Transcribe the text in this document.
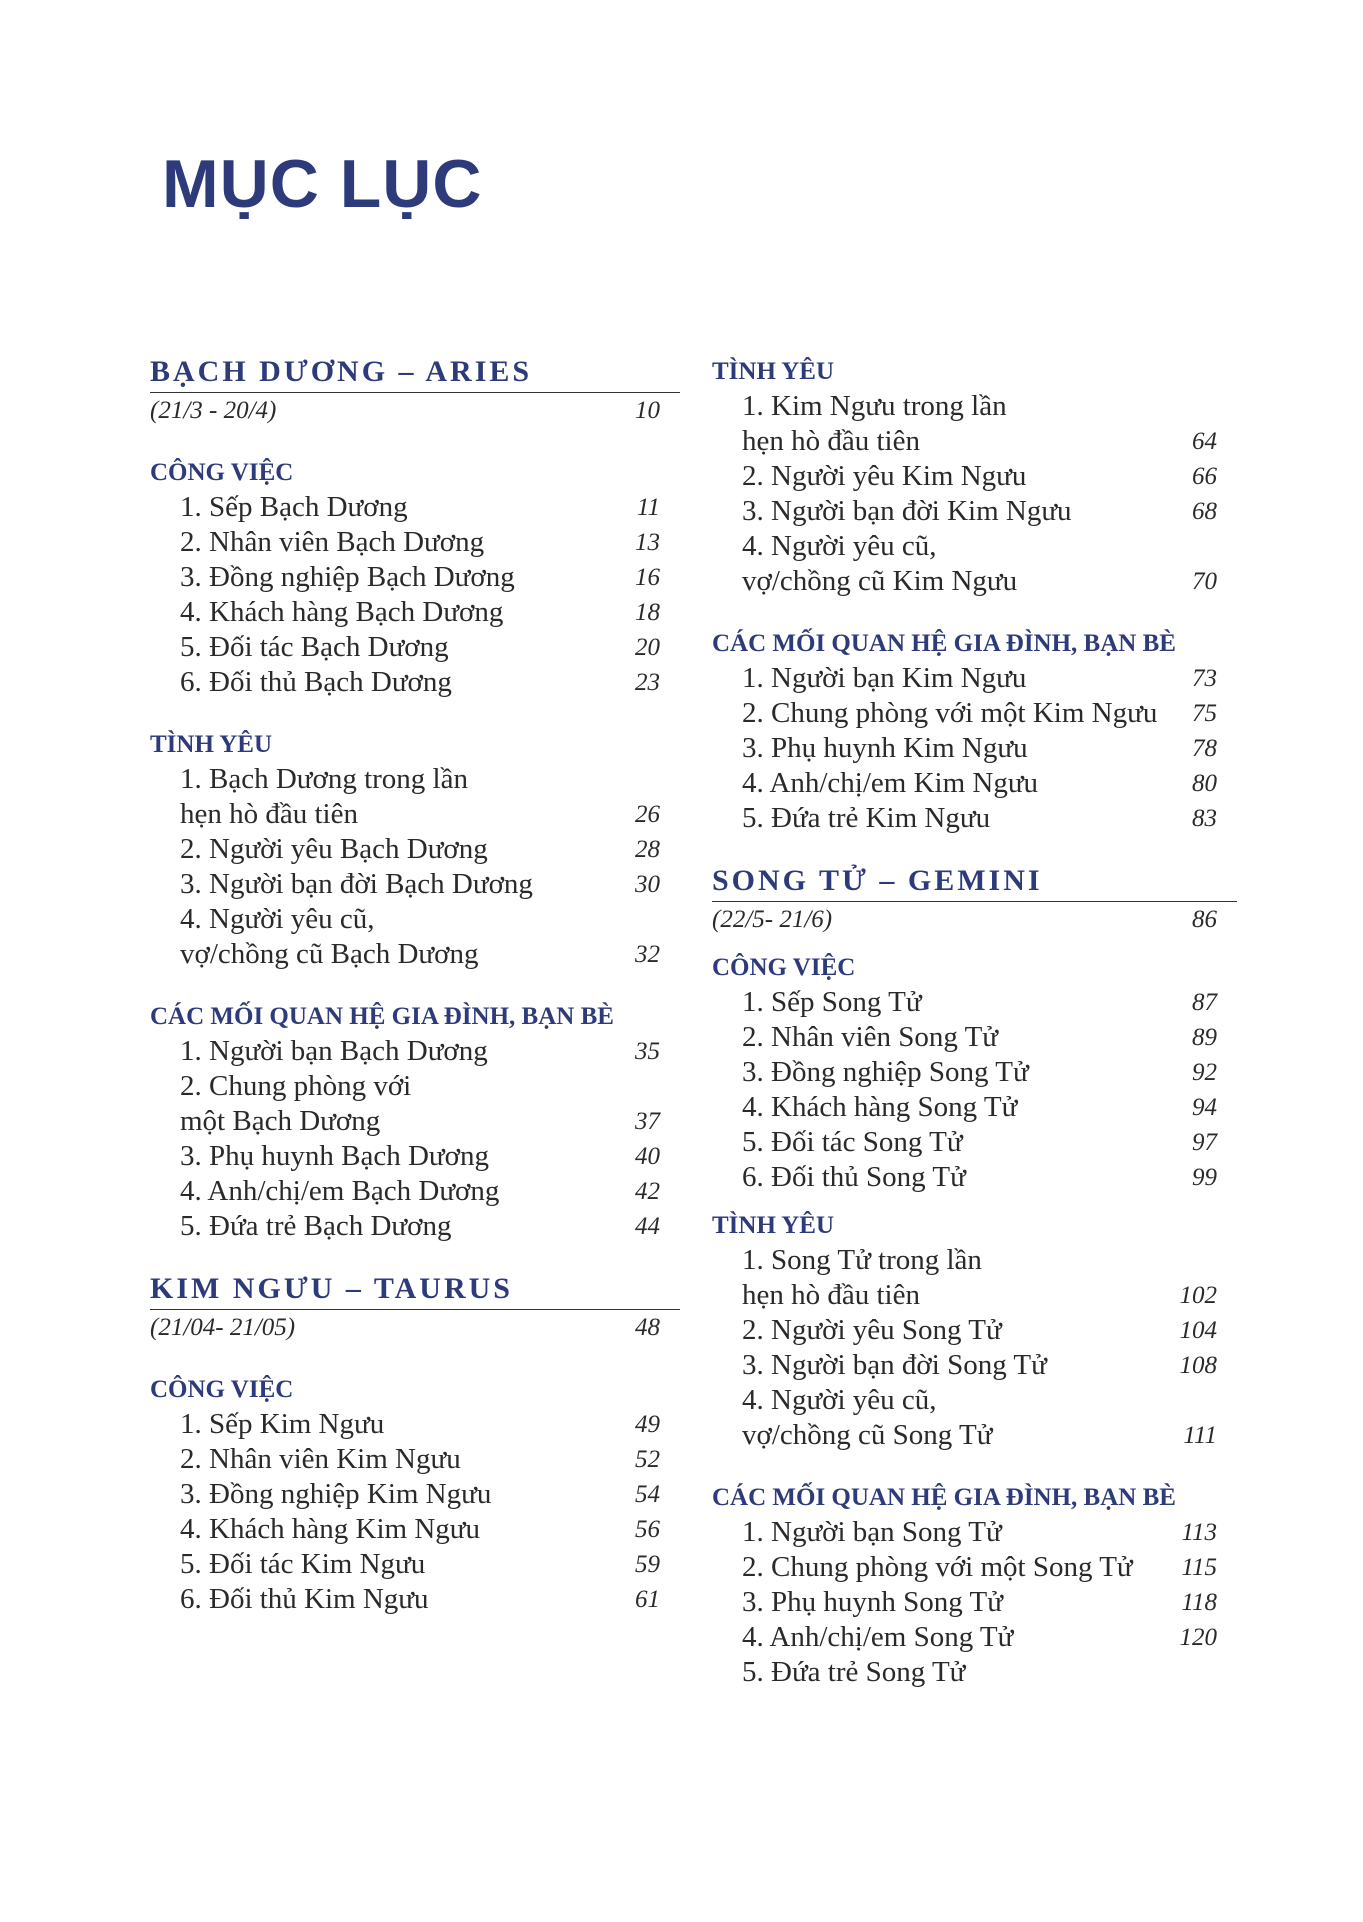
MỤC LỤC
BẠCH DƯƠNG – ARIES
(21/3 - 20/4)	10
CÔNG VIỆC
1. Sếp Bạch Dương	11
2. Nhân viên Bạch Dương	13
3. Đồng nghiệp Bạch Dương	16
4. Khách hàng Bạch Dương	18
5. Đối tác Bạch Dương	20
6. Đối thủ Bạch Dương	23
TÌNH YÊU
1. Bạch Dương trong lần
hẹn hò đầu tiên	26
2. Người yêu Bạch Dương	28
3. Người bạn đời Bạch Dương	30
4. Người yêu cũ,
vợ/chồng cũ Bạch Dương	32
CÁC MỐI QUAN HỆ GIA ĐÌNH, BẠN BÈ
1. Người bạn Bạch Dương	35
2. Chung phòng với
một Bạch Dương	37
3. Phụ huynh Bạch Dương	40
4. Anh/chị/em Bạch Dương	42
5. Đứa trẻ Bạch Dương	44
KIM NGƯU – TAURUS
(21/04- 21/05)	48
CÔNG VIỆC
1. Sếp Kim Ngưu	49
2. Nhân viên Kim Ngưu	52
3. Đồng nghiệp Kim Ngưu	54
4. Khách hàng Kim Ngưu	56
5. Đối tác Kim Ngưu	59
6. Đối thủ Kim Ngưu	61
TÌNH YÊU
1. Kim Ngưu trong lần
hẹn hò đầu tiên	64
2. Người yêu Kim Ngưu	66
3. Người bạn đời Kim Ngưu	68
4. Người yêu cũ,
vợ/chồng cũ Kim Ngưu	70
CÁC MỐI QUAN HỆ GIA ĐÌNH, BẠN BÈ
1. Người bạn Kim Ngưu	73
2. Chung phòng với một Kim Ngưu 75
3. Phụ huynh Kim Ngưu	78
4. Anh/chị/em Kim Ngưu	80
5. Đứa trẻ Kim Ngưu	83
SONG TỬ – GEMINI
(22/5- 21/6)	86
CÔNG VIỆC
1. Sếp Song Tử	87
2. Nhân viên Song Tử	89
3. Đồng nghiệp Song Tử	92
4. Khách hàng Song Tử	94
5. Đối tác Song Tử	97
6. Đối thủ Song Tử	99
TÌNH YÊU
1. Song Tử trong lần
hẹn hò đầu tiên	102
2. Người yêu Song Tử	104
3. Người bạn đời Song Tử	108
4. Người yêu cũ,
vợ/chồng cũ Song Tử	111
CÁC MỐI QUAN HỆ GIA ĐÌNH, BẠN BÈ
1. Người bạn Song Tử	113
2. Chung phòng với một Song Tử 115
3. Phụ huynh Song Tử	118
4. Anh/chị/em Song Tử	120
5. Đứa trẻ Song Tử
